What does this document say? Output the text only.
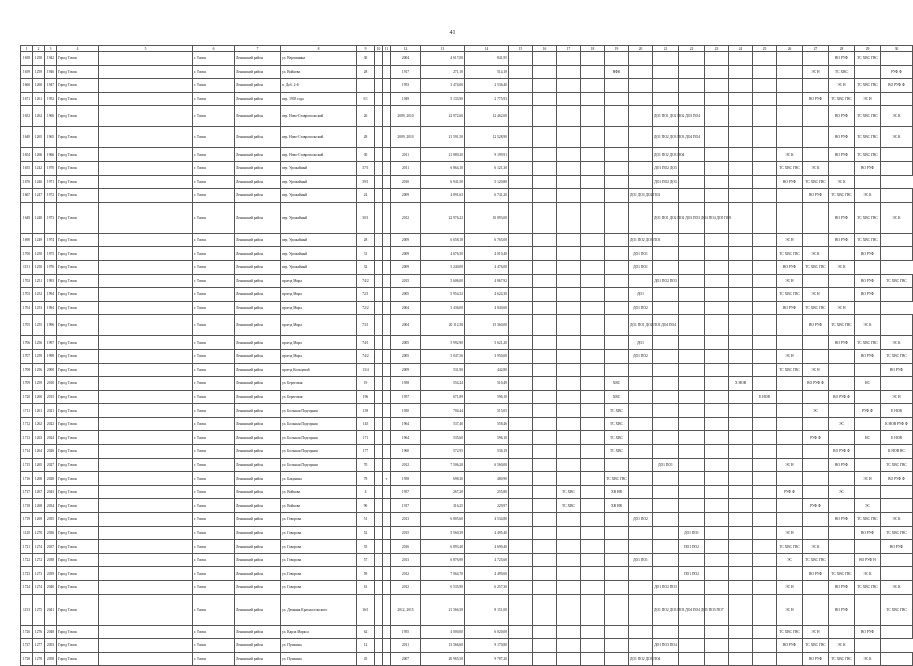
41
1	2	3	4	5	6	7	8	9	10	11	12	13	14	15	16	17	18	19	20	21	22	23	24	25	26	27	28	29	30
1658	1258	1942	Город Томск		г. Томск	Ленинский район	ул. Вершинина	30			2004	4 617,00	841,95														ВО РУФ	ТС ХВС ГВС	
1659	1259	1946	Город Томск		г. Томск	Ленинский район	ул. Войкова	28			1917	271,10	514,18					НФК								ЭС Н	ТС ХВС		РУФ Ф
1660	1260	1947	Город Томск		г. Томск	Ленинский район	п. Доб. 2-й				1953	3 474,00	2 536,40														ЭС Н	ТС ХВС ГВС	ВО РУФ Ф
1671	1261	1952	Город Томск		г. Томск	Ленинский район	пер. 1905 года	5/1			1949	5 133,90	2 775,93													ВО РУФ	ТС ХВС ГВС	ЭС Н	
1652	1262	1966	Город Томск		г. Томск	Ленинский район	пер. Ново-Ставропольский	26			2009, 2010	22 972,60	12 462,00							ДО1 ПО1 ДО2 ПО2 ДО3 ПО4							ВО РУФ	ТС ХВС ГВС	ЭС К
1649	1265	1965	Город Томск		г. Томск	Ленинский район	пер. Ново-Ставропольский	28			2009, 2010	21 591,50	12 528,90							ДО1 ПО2 ДО3 ПО3 ДО4 ПО4							ВО РУФ	ТС ХВС ГВС	ЭС К
1654	1266	1966	Город Томск		г. Томск	Ленинский район	пер. Ново-Ставропольский	30			2011	21 889,20	9 199,91							ДО1 ПО2 ДО3 ПО4					ЭС К		ВО РУФ	ТС ХВС ГВС	
1655	1242	1970	Город Томск		г. Томск	Ленинский район	пер. Урожайный	37/1			2011	6 864,10	6 121,30							ДО1 ПО2 ДО3					ТС ХВС ГВС	ЭС К		ВО РУФ	
1676	1246	1971	Город Томск		г. Томск	Ленинский район	пер. Урожайный	39/1			2010	6 941,50	5 120,80							ДО1 ПО2 ДО3					ВО РУФ	ТС ХВС ГВС	ЭС К		
1667	1247	1972	Город Томск		г. Томск	Ленинский район	пер. Урожайный	24			2009	4 891,63	6 741,20						ДО1 ДО3 ДО2 ПО2							ВО РУФ	ТС ХВС ГВС	ЭС К	
1649	1248	1973	Город Томск		г. Томск	Ленинский район	пер. Урожайный	30/1			2012	22 976,22	10 893,00							ДО1 ПО1 ДО2 ПО2 ДО3 ПО3 ДО4 ПО4 ДО5 ПО5							ВО РУФ	ТС ХВС ГВС	ЭС К
1690	1249	1974	Город Томск		г. Томск	Ленинский район	пер. Урожайный	28			2009	6 658,18	6 765,00						ДО1 ПО2 ДО3 ПО3						ЭС Н		ВО РУФ	ТС ХВС ГВС	
1700	1250	1975	Город Томск		г. Томск	Ленинский район	пер. Урожайный	31			2009	4 676,50	4 010,40						ДО1 ПО1						ТС ХВС ГВС	ЭС К		ВО РУФ	
1151	1250	1976	Город Томск		г. Томск	Ленинский район	пер. Урожайный	32			2009	5 240,00	4 476,00						ДО1 ПО1						ВО РУФ	ТС ХВС ГВС	ЭС К		
1702	1251	1993	Город Томск		г. Томск	Ленинский район	проезд Мира	74/2			2015	5 606,00	4 867,92							ДО1 ПО2 ПО3					ЭС Н			ВО РУФ	ТС ХВС ГВС
1703	1252	1994	Город Томск		г. Томск	Ленинский район	проезд Мира	72/1			2005	5 954,52	4 624,30						ДО1						ТС ХВС ГВС	ЭС Н		ВО РУФ	
1704	1253	1994	Город Томск		г. Томск	Ленинский район	проезд Мира	72/2			2004	5 436,00	4 840,60						ДО1 ПО2						ВО РУФ	ТС ХВС ГВС	ЭС Н		
1705	1255	1996	Город Томск		г. Томск	Ленинский район	проезд Мира	73/1			2004	20 112,58	15 360,00						ДО1 ПО1 ДО2 ПО3 ДО4 ПО4							ВО РУФ	ТС ХВС ГВС	ЭС К	
1706	1256	1997	Город Томск		г. Томск	Ленинский район	проезд Мира	74/1			2005	5 992,90	5 621,20						ДО1								ВО РУФ	ТС ХВС ГВС	ЭС К
1707	1259	1998	Город Томск		г. Томск	Ленинский район	проезд Мира	74/2			2005	5 047,56	3 950,00						ДО1 ПО2						ЭС Н			ВО РУФ	ТС ХВС ГВС
1708	1256	2000	Город Томск		г. Томск	Ленинский район	проезд Кольцевой	13/4			2009	531,90	442,80												ТС ХВС ГВС	ЭС Н			ВО РУФ
1709	1259	2010	Город Томск		г. Томск	Ленинский район	ул. Береговая	19			1958	554,24	510,49					ХВС					Х НОВ			ВО РУФ Ф		НС	
1720	1260	2015	Город Томск		г. Томск	Ленинский район	ул. Береговая	196			1957	671,89	596,10					ХВС						Е НОВ			ВО РУФ Ф		ЭС Н
1711	1261	2021	Город Томск		г. Томск	Ленинский район	ул. Большая Подгорная	139			1950	704,44	515,05					ТС ХВС								ЭС		РУФ Ф	Е НОВ
1712	1262	2022	Город Томск		г. Томск	Ленинский район	ул. Большая Подгорная	145			1964	537,40	558,46					ТС ХВС									ЭС		К НОВ РУФ Ф
1713	1263	2024	Город Томск		г. Томск	Ленинский район	ул. Большая Подгорная	171			1964	535,60	596,10					ТС ХВС								РУФ Ф		НС	Е НОВ
1714	1264	2026	Город Томск		г. Томск	Ленинский район	ул. Большая Подгорная	177			1960	572,95	536,19					ТС ХВС									ВО РУФ Ф		К НОВ НС
1715	1265	2027	Город Томск		г. Томск	Ленинский район	ул. Большая Подгорная	70			2012	7 506,20	6 560,00							ДО1 ПО1					ЭС Н		ВО РУФ		ТС ХВС ГВС
1716	1268	2028	Город Томск		г. Томск	Ленинский район	ул. Бакунина	78		т	1958	698,30	480,90					ТС ХВС ГВС										ЭС Н	ВО РУФ Ф
1717	1267	2043	Город Томск		г. Томск	Ленинский район	ул. Войкова	4			1957	267,20	255,80			ТС ХВС		ХВ НВ							РУФ Ф		ЭС		
1718	1268	2034	Город Томск		г. Томск	Ленинский район	ул. Войкова	90			1917	316,25	229,97			ТС ХВС		ХВ НВ								РУФ Ф		ЭС	
1719	1269	2035	Город Томск		г. Томск	Ленинский район	ул. Говорова	51			2013	6 805,60	4 534,80						ДО1 ПО2								ВО РУФ	ТС ХВС ГВС	ЭС К
1120	1270	2036	Город Томск		г. Томск	Ленинский район	ул. Говорова	52			2015	5 560,39	4 495,40								ДО1 ПО1				ЭС Н			ВО РУФ	ТС ХВС ГВС
1721	1274	2037	Город Томск		г. Томск	Ленинский район	ул. Говорова	55			2016	6 893,40	4 690,40								ПО1 ПО2				ТС ХВС ГВС	ЭС К			ВО РУФ
1722	1272	2038	Город Томск		г. Томск	Ленинский район	ул. Говорова	57			2013	6 876,90	4 725,60						ДО1 ПО1						ЭС	ТС ХВС ГВС		ВО РУФ Н	
1723	1273	2039	Город Томск		г. Томск	Ленинский район	ул. Говорова	59			2012	7 064,70	4 499,60								ПО1 ПО2					ВО РУФ	ТС ХВС ГВС	ЭС К	
1724	1274	2040	Город Томск		г. Томск	Ленинский район	ул. Говорова	61			2012	6 535,90	6 257,30							ДО1 ПО2 ПО3					ЭС Н		ВО РУФ	ТС ХВС ГВС	ЭС К
1153	1275	2041	Город Томск		г. Томск	Ленинский район	ул. Демьяна Красносельского	16/1			2012, 2015	21 566,58	8 151,00							ДО1 ПО2 ДО3 ПО3 ДО4 ПО4 ДО5 ПО5 ПО7					ЭС Н		ВО РУФ		ТС ХВС ГВС
1726	1276	2048	Город Томск		г. Томск	Ленинский район	ул. Карла Маркса	62			1955	4 000,00	6 020,00												ТС ХВС ГВС	ЭС Н		ВО РУФ	
1727	1277	2053	Город Томск		г. Томск	Ленинский район	ул. Пушкина	12			2011	13 566,60	9 170,80							ДО1 ПО3 ПО4					ВО РУФ	ТС ХВС ГВС	ЭС К		
1728	1278	2058	Город Томск		г. Томск	Ленинский район	ул. Пушкина	45			2007	20 965,50	9 787,20						ДО1 ПО2 ДО3 ПО4							ВО РУФ	ТС ХВС ГВС	ЭС К	
